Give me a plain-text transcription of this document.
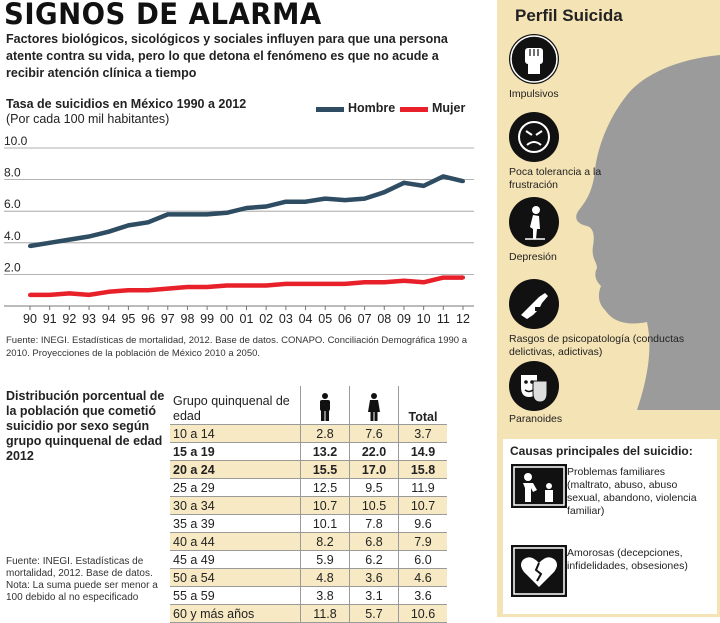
SIGNOS DE ALARMA
Factores biológicos, sicológicos y sociales influyen para que una persona atente contra su vida, pero lo que detona el fenómeno es que no acude a recibir atención clínica a tiempo
Tasa de suicidios en México 1990 a 2012
(Por cada 100 mil habitantes)
Hombre	Mujer
10.0
8.0
6.0
4.0
2.0
90 91 92 93 94 95 96 97 98 99 00 01 02 03 04 05 06 07 08 09 10 11 12
Fuente: INEGI. Estadísticas de mortalidad, 2012. Base de datos. CONAPO. Conciliación Demográfica 1990 a 2010. Proyecciones de la población de México 2010 a 2050.
Distribución porcentual de la población que cometió suicidio por sexo según grupo quinquenal de edad 2012
Grupo quinquenal de edad			Total
10 a 14	2.8	7.6	3.7
15 a 19	13.2	22.0	14.9
20 a 24	15.5	17.0	15.8
25 a 29	12.5	9.5	11.9
30 a 34	10.7	10.5	10.7
35 a 39	10.1	7.8	9.6
40 a 44	8.2	6.8	7.9
45 a 49	5.9	6.2	6.0
50 a 54	4.8	3.6	4.6
55 a 59	3.8	3.1	3.6
60 y más años	11.8	5.7	10.6
Fuente: INEGI. Estadísticas de mortalidad, 2012. Base de datos. Nota: La suma puede ser menor a 100 debido al no especificado
Perfil Suicida
Impulsivos
Poca tolerancia a la frustración
Depresión
Rasgos de psicopatología (conductas delictivas, adictivas)
Paranoides
Causas principales del suicidio:
Problemas familiares (maltrato, abuso, abuso sexual, abandono, violencia familiar)
Amorosas (decepciones, infidelidades, obsesiones)
